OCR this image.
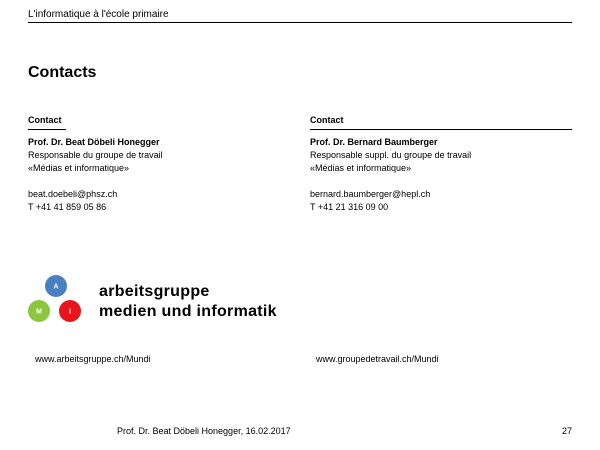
L'informatique à l'école primaire
Contacts
Contact
Prof. Dr. Beat Döbeli Honegger
Responsable du groupe de travail
«Médias et informatique»
beat.doebeli@phsz.ch
T +41 41 859 05 86
Contact
Prof. Dr. Bernard Baumberger
Responsable suppl. du groupe de travail
«Médias et informatique»
bernard.baumberger@hepl.ch
T +41 21 316 09 00
A
M	I
arbeitsgruppe
medien und informatik
www.arbeitsgruppe.ch/Mundi	www.groupedetravail.ch/Mundi
Prof. Dr. Beat Döbeli Honegger, 16.02.2017	27
